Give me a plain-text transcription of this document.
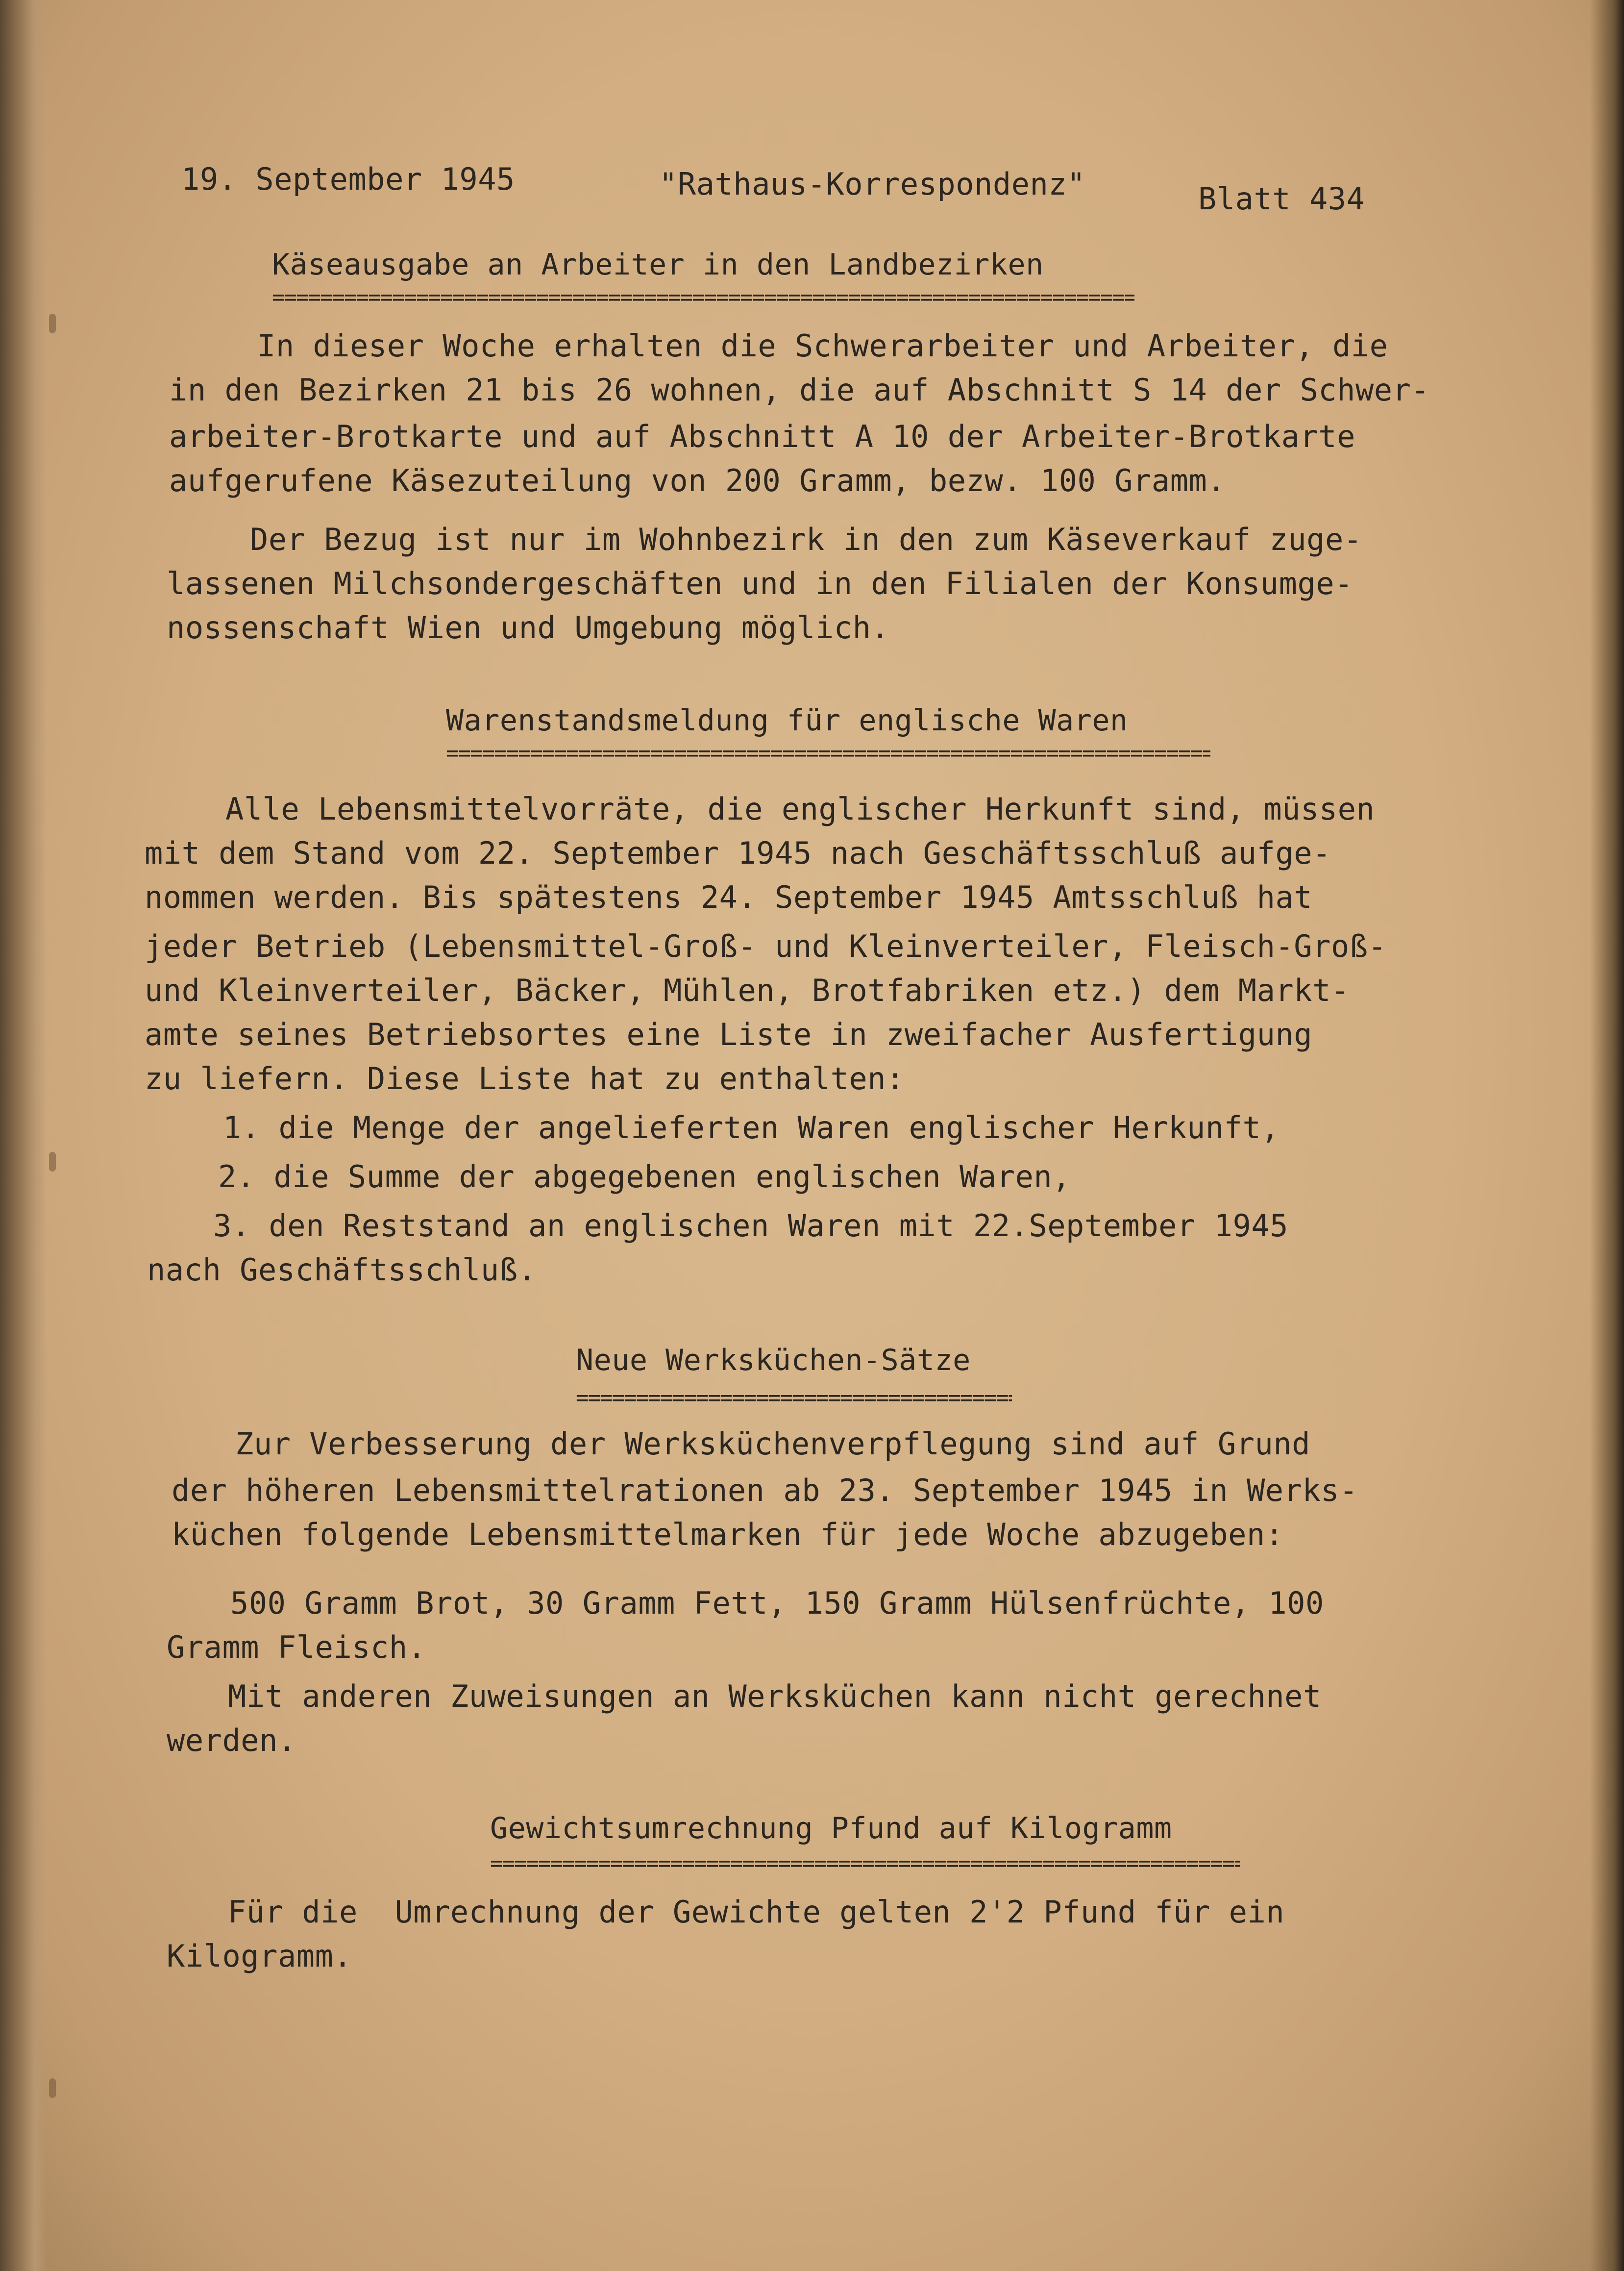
19. September 1945	"Rathaus-Korrespondenz"	Blatt 434
Käseausgabe an Arbeiter in den Landbezirken
=====
In dieser Woche erhalten die Schwerarbeiter und Arbeiter, die
in den Bezirken 21 bis 26 wohnen, die auf Abschnitt S 14 der Schwer-
arbeiter-Brotkarte und auf Abschnitt A 10 der Arbeiter-Brotkarte
aufgerufene Käsezuteilung von 200 Gramm, bezw. 100 Gramm.
Der Bezug ist nur im Wohnbezirk in den zum Käseverkauf zuge-
lassenen Milchsondergeschäften und in den Filialen der Konsumge-
nossenschaft Wien und Umgebung möglich.
Warenstandsmeldung für englische Waren
=====
Alle Lebensmittelvorräte, die englischer Herkunft sind, müssen
mit dem Stand vom 22. September 1945 nach Geschäftsschluß aufge-
nommen werden. Bis spätestens 24. September 1945 Amtsschluß hat
jeder Betrieb (Lebensmittel-Groß- und Kleinverteiler, Fleisch-Groß-
und Kleinverteiler, Bäcker, Mühlen, Brotfabriken etz.) dem Markt-
amte seines Betriebsortes eine Liste in zweifacher Ausfertigung
zu liefern. Diese Liste hat zu enthalten:
1. die Menge der angelieferten Waren englischer Herkunft,
2. die Summe der abgegebenen englischen Waren,
3. den Reststand an englischen Waren mit 22.September 1945
nach Geschäftsschluß.
Neue Werksküchen-Sätze
=====
Zur Verbesserung der Werksküchenverpflegung sind auf Grund
der höheren Lebensmittelrationen ab 23. September 1945 in Werks-
küchen folgende Lebensmittelmarken für jede Woche abzugeben:
500 Gramm Brot, 30 Gramm Fett, 150 Gramm Hülsenfrüchte, 100
Gramm Fleisch.
Mit anderen Zuweisungen an Werksküchen kann nicht gerechnet
werden.
Gewichtsumrechnung Pfund auf Kilogramm
=====
Für die  Umrechnung der Gewichte gelten 2'2 Pfund für ein
Kilogramm.
